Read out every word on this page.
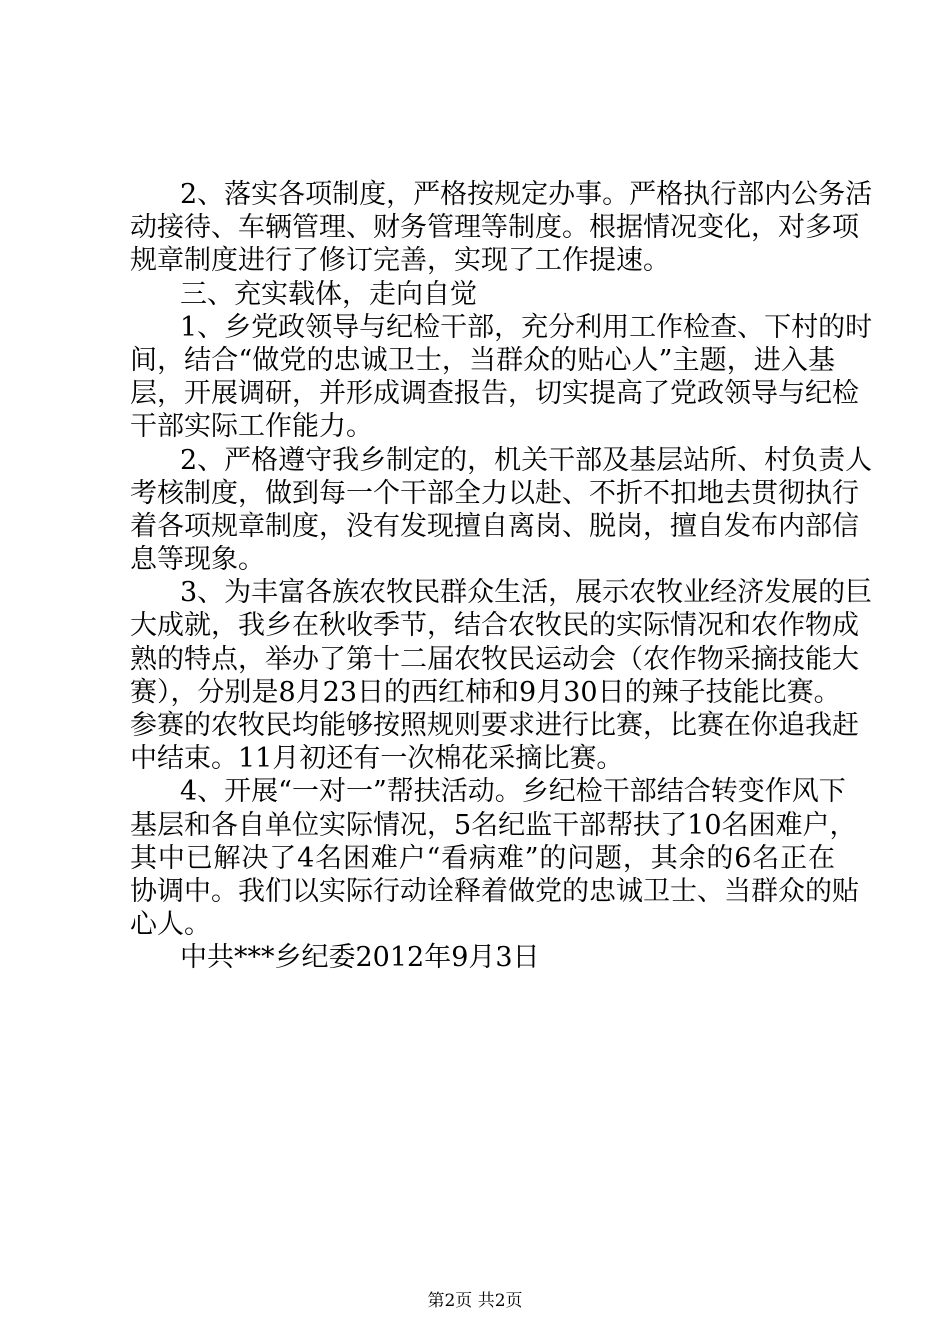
2、落实各项制度，严格按规定办事。严格执行部内公务活
动接待、车辆管理、财务管理等制度。根据情况变化，对多项
规章制度进行了修订完善，实现了工作提速。
三、充实载体，走向自觉
1、乡党政领导与纪检干部，充分利用工作检查、下村的时
间，结合“做党的忠诚卫士，当群众的贴心人”主题，进入基
层，开展调研，并形成调查报告，切实提高了党政领导与纪检
干部实际工作能力。
2、严格遵守我乡制定的，机关干部及基层站所、村负责人
考核制度，做到每一个干部全力以赴、不折不扣地去贯彻执行
着各项规章制度，没有发现擅自离岗、脱岗，擅自发布内部信
息等现象。
3、为丰富各族农牧民群众生活，展示农牧业经济发展的巨
大成就，我乡在秋收季节，结合农牧民的实际情况和农作物成
熟的特点，举办了第十二届农牧民运动会（农作物采摘技能大
赛），分别是8月23日的西红柿和9月30日的辣子技能比赛。
参赛的农牧民均能够按照规则要求进行比赛，比赛在你追我赶
中结束。11月初还有一次棉花采摘比赛。
4、开展“一对一”帮扶活动。乡纪检干部结合转变作风下
基层和各自单位实际情况，5名纪监干部帮扶了10名困难户，
其中已解决了4名困难户“看病难”的问题，其余的6名正在
协调中。我们以实际行动诠释着做党的忠诚卫士、当群众的贴
心人。
中共***乡纪委2012年9月3日
第2页 共2页
